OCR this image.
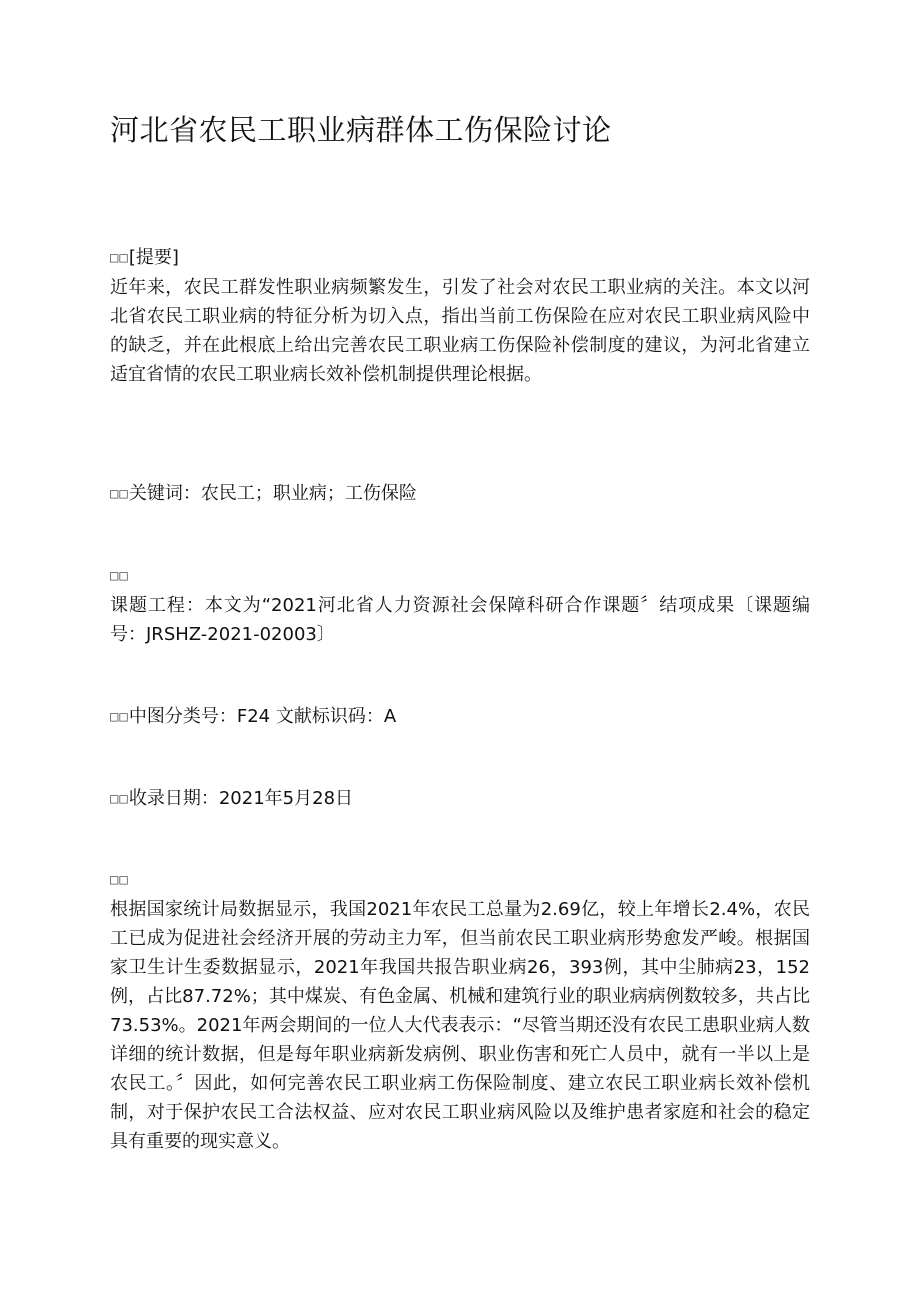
河北省农民工职业病群体工伤保险讨论
□□[提要]
近年来，农民工群发性职业病频繁发生，引发了社会对农民工职业病的关注。本文以河北省农民工职业病的特征分析为切入点，指出当前工伤保险在应对农民工职业病风险中的缺乏，并在此根底上给出完善农民工职业病工伤保险补偿制度的建议，为河北省建立适宜省情的农民工职业病长效补偿机制提供理论根据。
□□关键词：农民工；职业病；工伤保险
□□
课题工程：本文为“2021河北省人力资源社会保障科研合作课题〞结项成果〔课题编号：JRSHZ-2021-02003〕
□□中图分类号：F24 文献标识码：A
□□收录日期：2021年5月28日
□□
根据国家统计局数据显示，我国2021年农民工总量为2.69亿，较上年增长2.4%，农民工已成为促进社会经济开展的劳动主力军，但当前农民工职业病形势愈发严峻。根据国家卫生计生委数据显示，2021年我国共报告职业病26，393例，其中尘肺病23，152例，占比87.72%；其中煤炭、有色金属、机械和建筑行业的职业病病例数较多，共占比73.53%。2021年两会期间的一位人大代表表示：“尽管当期还没有农民工患职业病人数详细的统计数据，但是每年职业病新发病例、职业伤害和死亡人员中，就有一半以上是农民工。〞因此，如何完善农民工职业病工伤保险制度、建立农民工职业病长效补偿机制，对于保护农民工合法权益、应对农民工职业病风险以及维护患者家庭和社会的稳定具有重要的现实意义。
